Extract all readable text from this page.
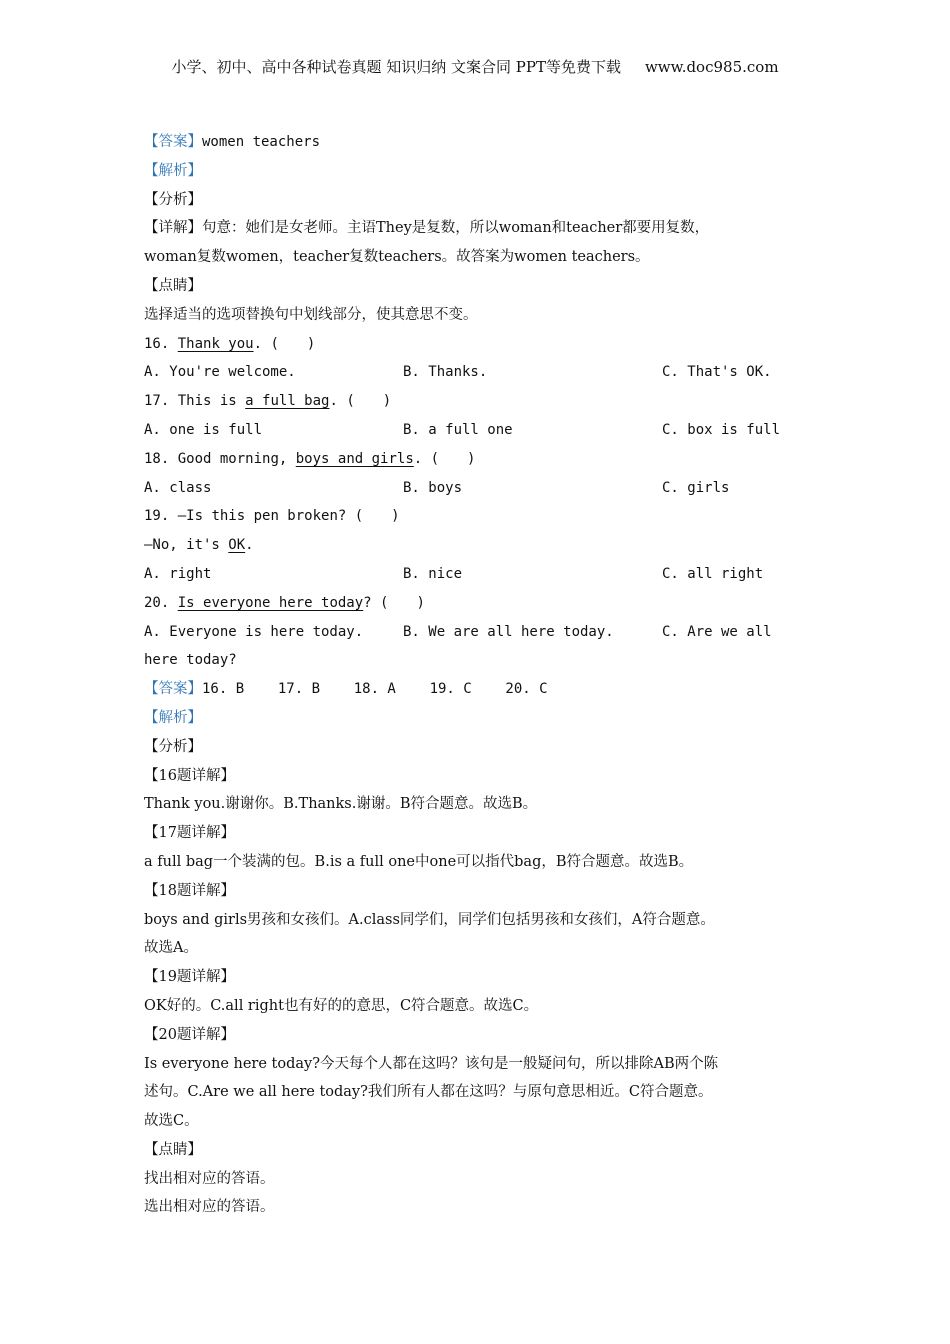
小学、初中、高中各种试卷真题 知识归纳 文案合同 PPT等免费下载 www.doc985.com
【答案】women teachers
【解析】
【分析】
【详解】句意：她们是女老师。主语They是复数，所以woman和teacher都要用复数，
woman复数women，teacher复数teachers。故答案为women teachers。
【点睛】
选择适当的选项替换句中划线部分，使其意思不变。
16. Thank you. (　　)
A. You're welcome.	B. Thanks.	C. That's OK.
17. This is a full bag. (　　)
A. one is full	B. a full one	C. box is full
18. Good morning, boys and girls. (　　)
A. class	B. boys	C. girls
19. —Is this pen broken? (　　)
—No, it's OK.
A. right	B. nice	C. all right
20. Is everyone here today? (　　)
A. Everyone is here today.	B. We are all here today.	C. Are we all
here today?
【答案】16. B    17. B    18. A    19. C    20. C
【解析】
【分析】
【16题详解】
Thank you.谢谢你。B.Thanks.谢谢。B符合题意。故选B。
【17题详解】
a full bag一个装满的包。B.is a full one中one可以指代bag，B符合题意。故选B。
【18题详解】
boys and girls男孩和女孩们。A.class同学们，同学们包括男孩和女孩们，A符合题意。
故选A。
【19题详解】
OK好的。C.all right也有好的的意思，C符合题意。故选C。
【20题详解】
Is everyone here today?今天每个人都在这吗？该句是一般疑问句，所以排除AB两个陈
述句。C.Are we all here today?我们所有人都在这吗？与原句意思相近。C符合题意。
故选C。
【点睛】
找出相对应的答语。
选出相对应的答语。
